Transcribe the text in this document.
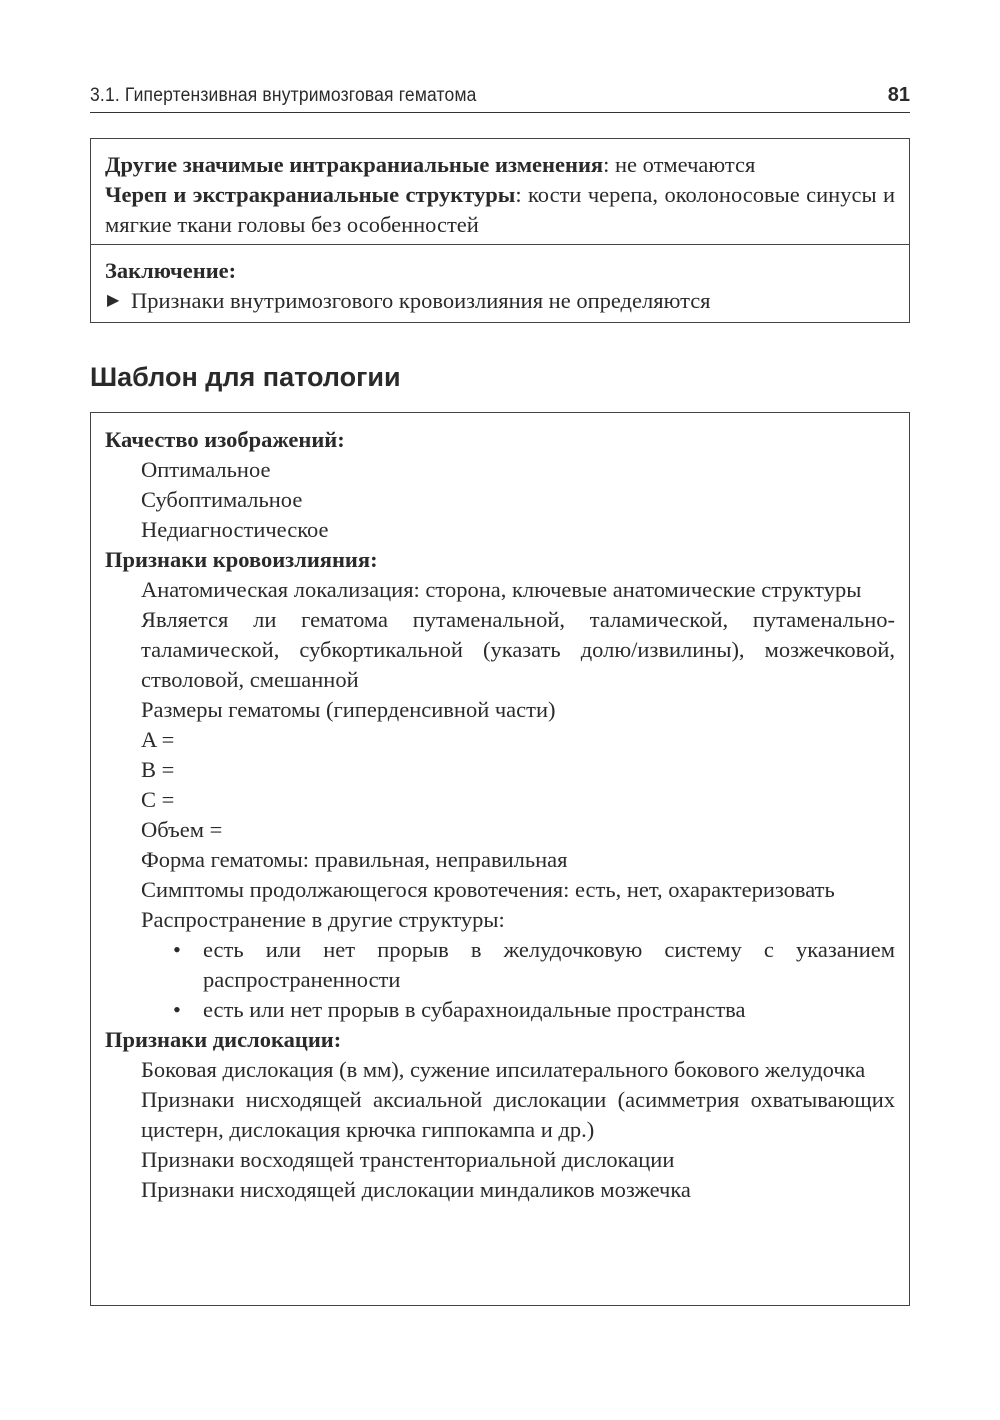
3.1. Гипертензивная внутримозговая гематома	81
Другие значимые интракраниальные изменения: не отмечаются
Череп и экстракраниальные структуры: кости черепа, околоносовые синусы и мягкие ткани головы без особенностей
Заключение:
▶ Признаки внутримозгового кровоизлияния не определяются
Шаблон для патологии
Качество изображений:
Оптимальное
Субоптимальное
Недиагностическое
Признаки кровоизлияния:
Анатомическая локализация: сторона, ключевые анатомические структуры
Является ли гематома путаменальной, таламической, путаменально-таламической, субкортикальной (указать долю/извилины), мозжечковой, стволовой, смешанной
Размеры гематомы (гиперденсивной части)
A =
B =
C =
Объем =
Форма гематомы: правильная, неправильная
Симптомы продолжающегося кровотечения: есть, нет, охарактеризовать
Распространение в другие структуры:
• есть или нет прорыв в желудочковую систему с указанием распространенности
• есть или нет прорыв в субарахноидальные пространства
Признаки дислокации:
Боковая дислокация (в мм), сужение ипсилатерального бокового желудочка
Признаки нисходящей аксиальной дислокации (асимметрия охватывающих цистерн, дислокация крючка гиппокампа и др.)
Признаки восходящей транстенториальной дислокации
Признаки нисходящей дислокации миндаликов мозжечка
